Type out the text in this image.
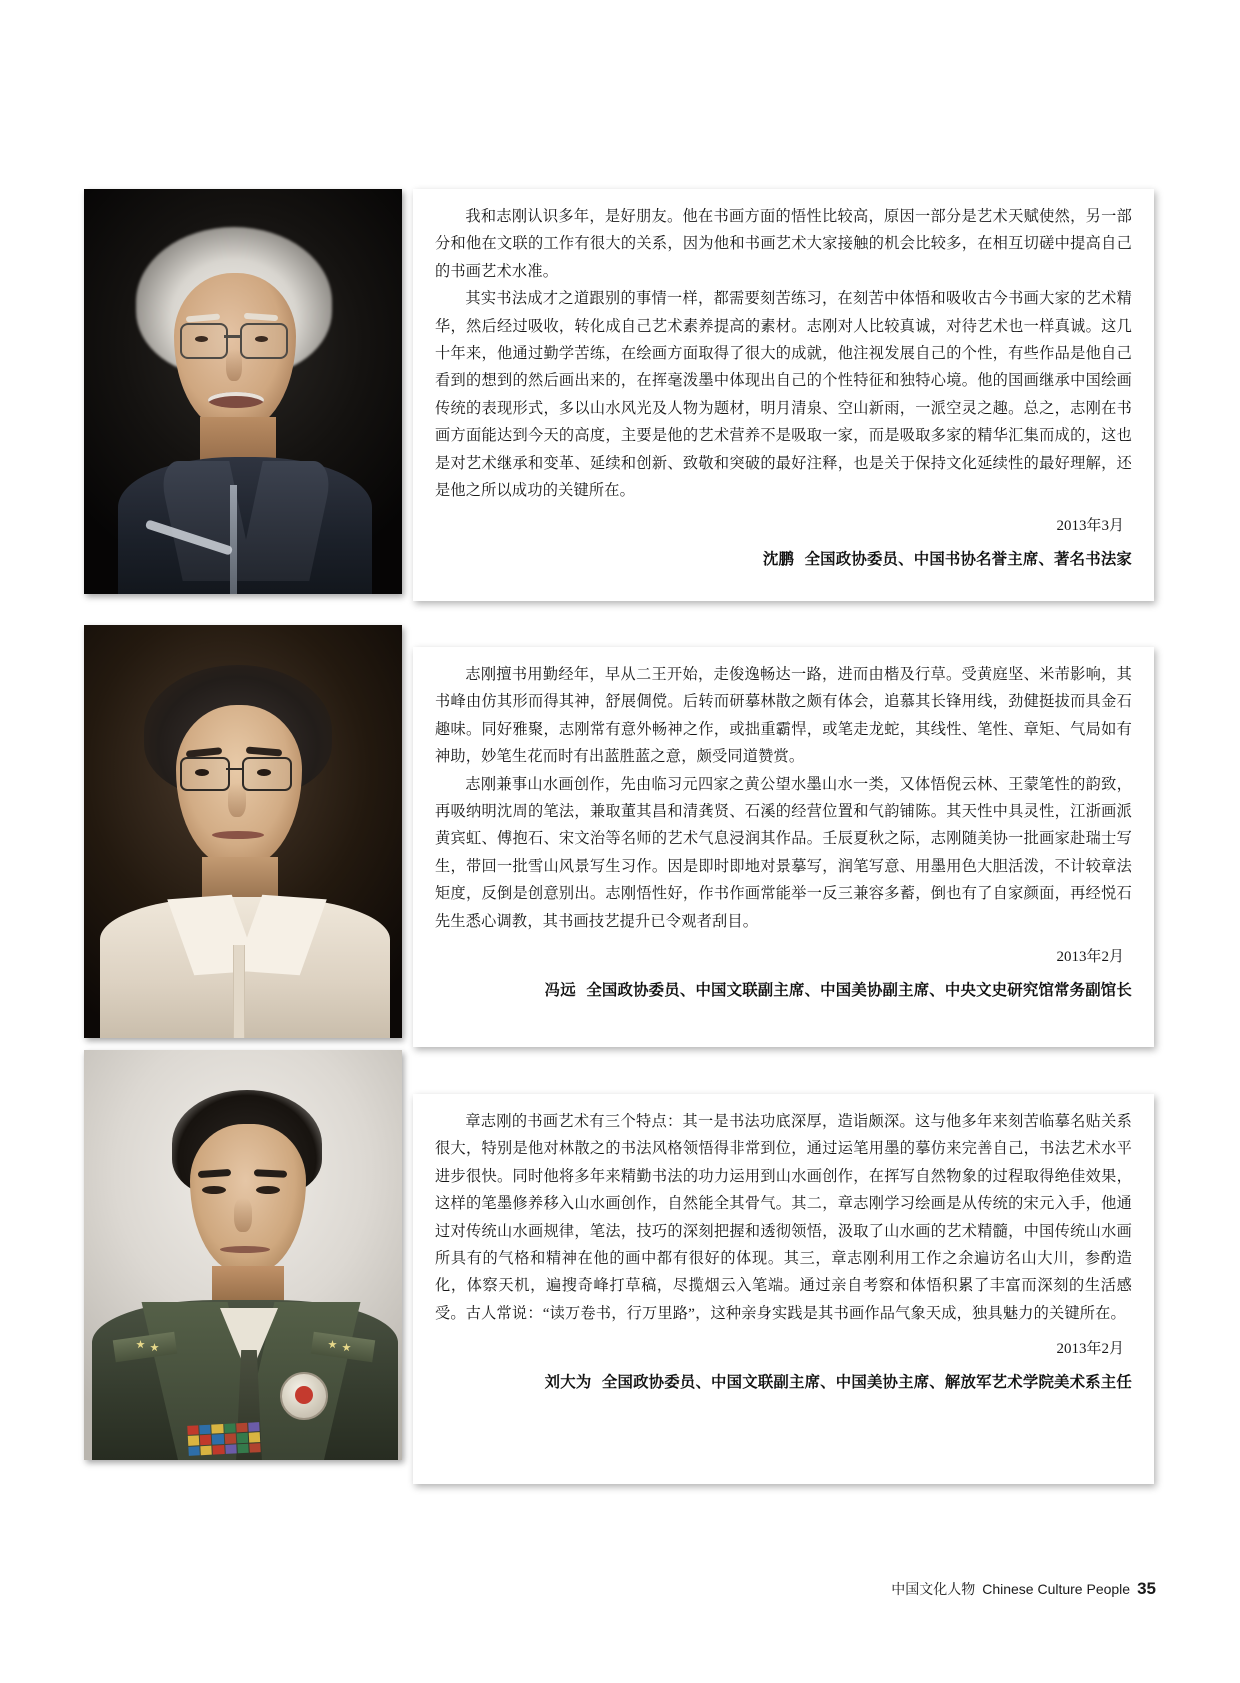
我和志刚认识多年，是好朋友。他在书画方面的悟性比较高，原因一部分是艺术天赋使然，另一部分和他在文联的工作有很大的关系，因为他和书画艺术大家接触的机会比较多，在相互切磋中提高自己的书画艺术水准。

其实书法成才之道跟别的事情一样，都需要刻苦练习，在刻苦中体悟和吸收古今书画大家的艺术精华，然后经过吸收，转化成自己艺术素养提高的素材。志刚对人比较真诚，对待艺术也一样真诚。这几十年来，他通过勤学苦练，在绘画方面取得了很大的成就，他注视发展自己的个性，有些作品是他自己看到的想到的然后画出来的，在挥毫泼墨中体现出自己的个性特征和独特心境。他的国画继承中国绘画传统的表现形式，多以山水风光及人物为题材，明月清泉、空山新雨，一派空灵之趣。总之，志刚在书画方面能达到今天的高度，主要是他的艺术营养不是吸取一家，而是吸取多家的精华汇集而成的，这也是对艺术继承和变革、延续和创新、致敬和突破的最好注释，也是关于保持文化延续性的最好理解，还是他之所以成功的关键所在。

2013年3月
沈鹏 全国政协委员、中国书协名誉主席、著名书法家

志刚擅书用勤经年，早从二王开始，走俊逸畅达一路，进而由楷及行草。受黄庭坚、米芾影响，其书峰由仿其形而得其神，舒展倜傥。后转而研摹林散之颇有体会，追慕其长锋用线，劲健挺拔而具金石趣味。同好雅聚，志刚常有意外畅神之作，或拙重霸悍，或笔走龙蛇，其线性、笔性、章矩、气局如有神助，妙笔生花而时有出蓝胜蓝之意，颇受同道赞赏。

志刚兼事山水画创作，先由临习元四家之黄公望水墨山水一类，又体悟倪云林、王蒙笔性的韵致，再吸纳明沈周的笔法，兼取董其昌和清龚贤、石溪的经营位置和气韵铺陈。其天性中具灵性，江浙画派黄宾虹、傅抱石、宋文治等名师的艺术气息浸润其作品。壬辰夏秋之际，志刚随美协一批画家赴瑞士写生，带回一批雪山风景写生习作。因是即时即地对景摹写，润笔写意、用墨用色大胆活泼，不计较章法矩度，反倒是创意别出。志刚悟性好，作书作画常能举一反三兼容多蓄，倒也有了自家颜面，再经悦石先生悉心调教，其书画技艺提升已令观者刮目。

2013年2月
冯远 全国政协委员、中国文联副主席、中国美协副主席、中央文史研究馆常务副馆长

章志刚的书画艺术有三个特点：其一是书法功底深厚，造诣颇深。这与他多年来刻苦临摹名贴关系很大，特别是他对林散之的书法风格领悟得非常到位，通过运笔用墨的摹仿来完善自己，书法艺术水平进步很快。同时他将多年来精勤书法的功力运用到山水画创作，在挥写自然物象的过程取得绝佳效果，这样的笔墨修养移入山水画创作，自然能全其骨气。其二，章志刚学习绘画是从传统的宋元入手，他通过对传统山水画规律，笔法，技巧的深刻把握和透彻领悟，汲取了山水画的艺术精髓，中国传统山水画所具有的气格和精神在他的画中都有很好的体现。其三，章志刚利用工作之余遍访名山大川，参酌造化，体察天机，遍搜奇峰打草稿，尽揽烟云入笔端。通过亲自考察和体悟积累了丰富而深刻的生活感受。古人常说：“读万卷书，行万里路”，这种亲身实践是其书画作品气象天成，独具魅力的关键所在。

2013年2月
刘大为 全国政协委员、中国文联副主席、中国美协主席、解放军艺术学院美术系主任
中国文化人物 Chinese Culture People 35
